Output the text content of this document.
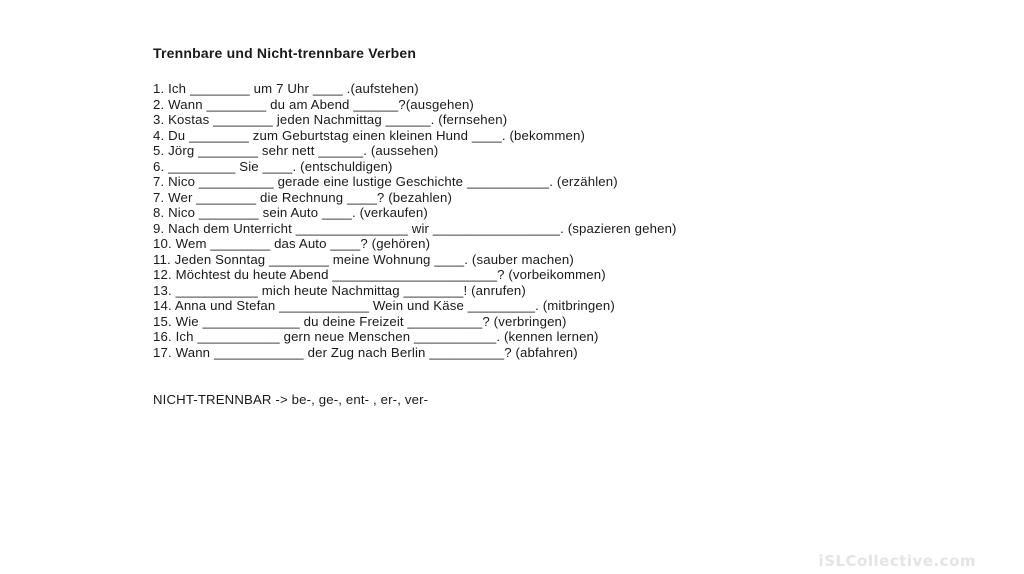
Trennbare und Nicht-trennbare Verben
1. Ich ________ um 7 Uhr ____ .(aufstehen)
2. Wann ________ du am Abend ______?(ausgehen)
3. Kostas ________ jeden Nachmittag ______. (fernsehen)
4. Du ________ zum Geburtstag einen kleinen Hund ____. (bekommen)
5. Jörg ________ sehr nett ______. (aussehen)
6. _________ Sie ____. (entschuldigen)
7. Nico __________ gerade eine lustige Geschichte ___________. (erzählen)
7. Wer ________ die Rechnung ____? (bezahlen)
8. Nico ________ sein Auto ____. (verkaufen)
9. Nach dem Unterricht _______________ wir _________________. (spazieren gehen)
10. Wem ________ das Auto ____? (gehören)
11. Jeden Sonntag ________ meine Wohnung ____. (sauber machen)
12. Möchtest du heute Abend ______________________? (vorbeikommen)
13. ___________ mich heute Nachmittag ________! (anrufen)
14. Anna und Stefan ____________ Wein und Käse _________. (mitbringen)
15. Wie _____________ du deine Freizeit __________? (verbringen)
16. Ich ___________ gern neue Menschen ___________. (kennen lernen)
17. Wann ____________ der Zug nach Berlin __________? (abfahren)
NICHT-TRENNBAR -> be-, ge-, ent- , er-, ver-
iSLCollective.com
